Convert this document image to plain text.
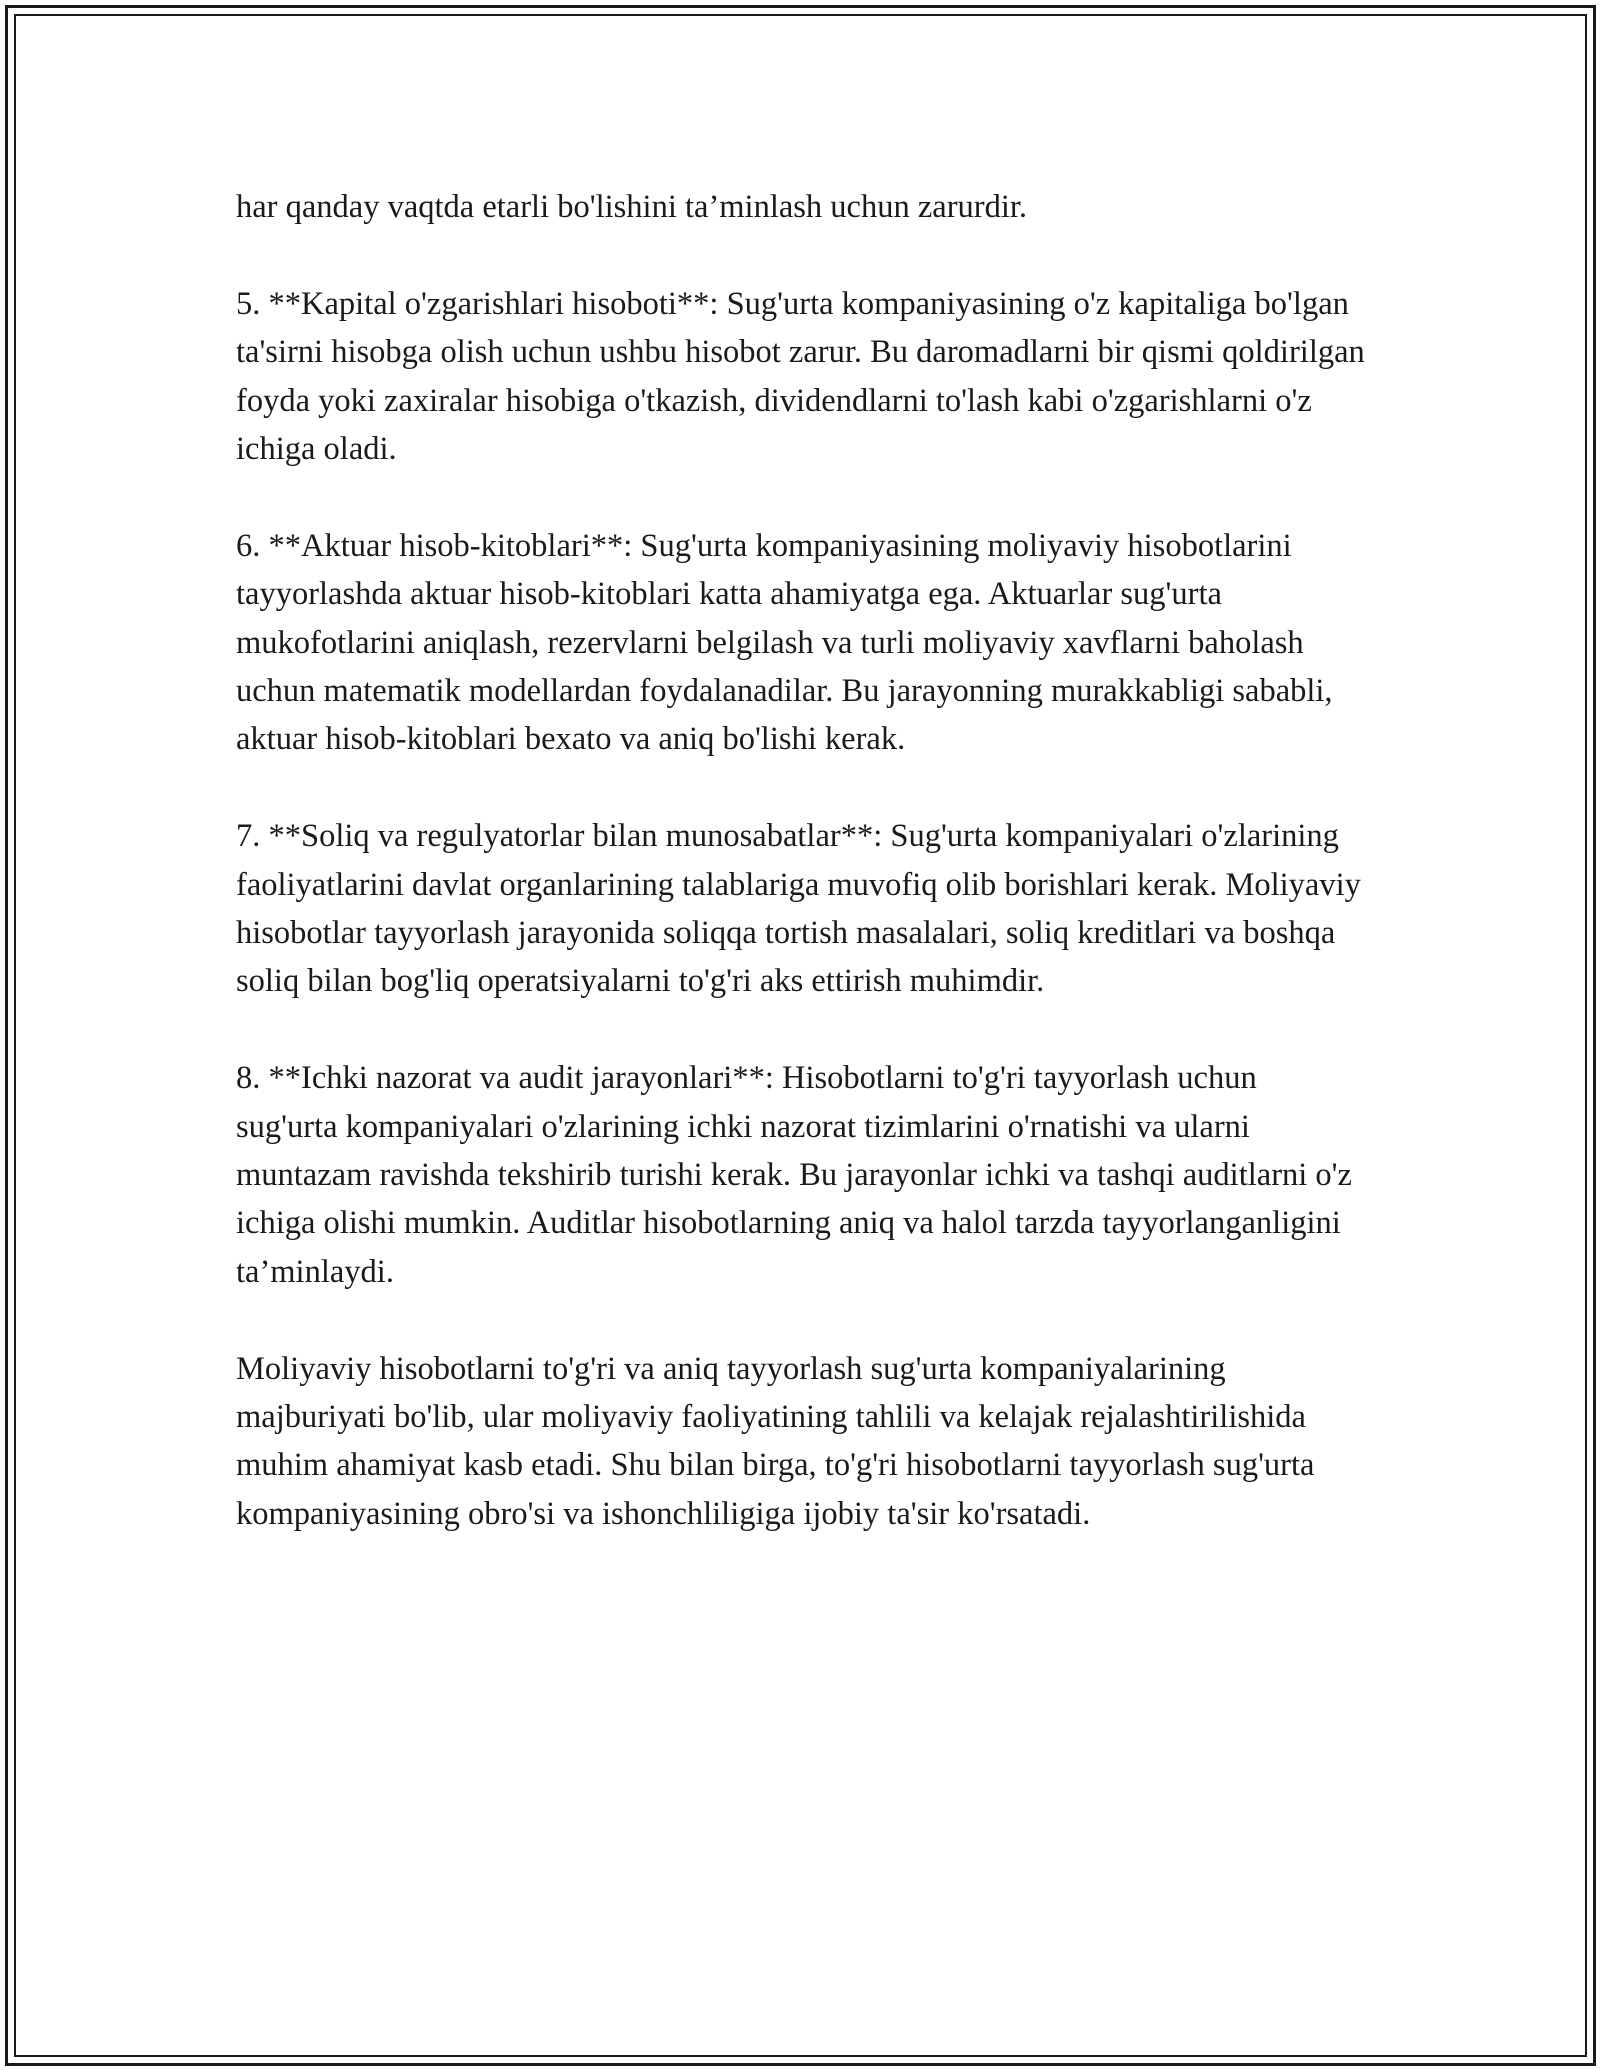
har qanday vaqtda etarli bo'lishini ta’minlash uchun zarurdir.

5. **Kapital o'zgarishlari hisoboti**: Sug'urta kompaniyasining o'z kapitaliga bo'lgan ta'sirni hisobga olish uchun ushbu hisobot zarur. Bu daromadlarni bir qismi qoldirilgan foyda yoki zaxiralar hisobiga o'tkazish, dividendlarni to'lash kabi o'zgarishlarni o'z ichiga oladi.

6. **Aktuar hisob-kitoblari**: Sug'urta kompaniyasining moliyaviy hisobotlarini tayyorlashda aktuar hisob-kitoblari katta ahamiyatga ega. Aktuarlar sug'urta mukofotlarini aniqlash, rezervlarni belgilash va turli moliyaviy xavflarni baholash uchun matematik modellardan foydalanadilar. Bu jarayonning murakkabligi sababli, aktuar hisob-kitoblari bexato va aniq bo'lishi kerak.

7. **Soliq va regulyatorlar bilan munosabatlar**: Sug'urta kompaniyalari o'zlarining faoliyatlarini davlat organlarining talablariga muvofiq olib borishlari kerak. Moliyaviy hisobotlar tayyorlash jarayonida soliqqa tortish masalalari, soliq kreditlari va boshqa soliq bilan bog'liq operatsiyalarni to'g'ri aks ettirish muhimdir.

8. **Ichki nazorat va audit jarayonlari**: Hisobotlarni to'g'ri tayyorlash uchun sug'urta kompaniyalari o'zlarining ichki nazorat tizimlarini o'rnatishi va ularni muntazam ravishda tekshirib turishi kerak. Bu jarayonlar ichki va tashqi auditlarni o'z ichiga olishi mumkin. Auditlar hisobotlarning aniq va halol tarzda tayyorlanganligini ta’minlaydi.

Moliyaviy hisobotlarni to'g'ri va aniq tayyorlash sug'urta kompaniyalarining majburiyati bo'lib, ular moliyaviy faoliyatining tahlili va kelajak rejalashtirilishida muhim ahamiyat kasb etadi. Shu bilan birga, to'g'ri hisobotlarni tayyorlash sug'urta kompaniyasining obro'si va ishonchliligiga ijobiy ta'sir ko'rsatadi.
